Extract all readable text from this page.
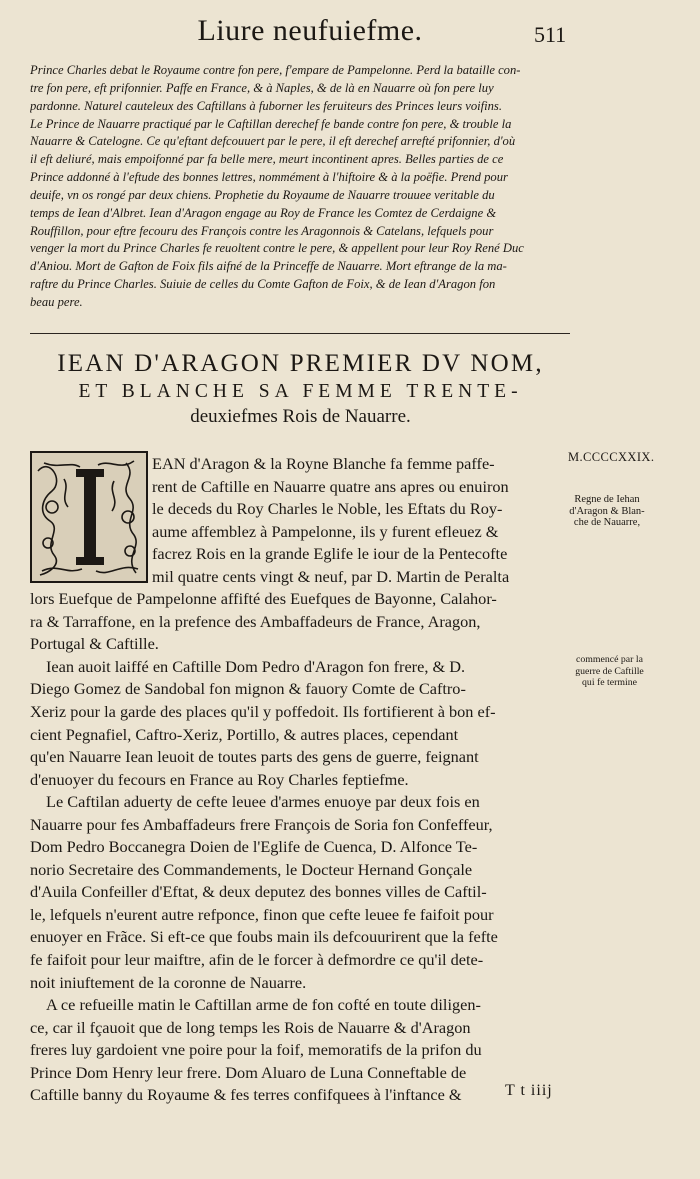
Liure neufuiefme.	511
Prince Charles debat le Royaume contre fon pere, f'empare de Pampelonne. Perd la bataille con-
tre fon pere, eft prifonnier. Paffe en France, & à Naples, & de là en Nauarre où fon pere luy
pardonne. Naturel cauteleux des Caftillans à fuborner les feruiteurs des Princes leurs voifins.
Le Prince de Nauarre practiqué par le Caftillan derechef fe bande contre fon pere, & trouble la
Nauarre & Catelogne. Ce qu'eftant defcouuert par le pere, il eft derechef arrefté prifonnier, d'où
il eft deliuré, mais empoifonné par fa belle mere, meurt incontinent apres. Belles parties de ce
Prince addonné à l'eftude des bonnes lettres, nommément à l'hiftoire & à la poëfie. Prend pour
deuife, vn os rongé par deux chiens. Prophetie du Royaume de Nauarre trouuee veritable du
temps de Iean d'Albret. Iean d'Aragon engage au Roy de France les Comtez de Cerdaigne &
Rouffillon, pour eftre fecouru des François contre les Aragonnois & Catelans, lefquels pour
venger la mort du Prince Charles fe reuoltent contre le pere, & appellent pour leur Roy René Duc
d'Aniou. Mort de Gafton de Foix fils aifné de la Princeffe de Nauarre. Mort eftrange de la ma-
raftre du Prince Charles. Suiuie de celles du Comte Gafton de Foix, & de Iean d'Aragon fon
beau pere.
IEAN D'ARAGON PREMIER DV NOM,
ET BLANCHE SA FEMME TRENTE-
deuxiefmes Rois de Nauarre.
EAN d'Aragon & la Royne Blanche fa femme paffe-
rent de Caftille en Nauarre quatre ans apres ou enuiron
le deceds du Roy Charles le Noble, les Eftats du Roy-
aume affemblez à Pampelonne, ils y furent efleuez &
facrez Rois en la grande Eglife le iour de la Pentecofte
mil quatre cents vingt & neuf, par D. Martin de Peralta
lors Euefque de Pampelonne affifté des Euefques de Bayonne, Calahor-
ra & Tarraffone, en la prefence des Ambaffadeurs de France, Aragon,
Portugal & Caftille.
Iean auoit laiffé en Caftille Dom Pedro d'Aragon fon frere, & D.
Diego Gomez de Sandobal fon mignon & fauory Comte de Caftro-
Xeriz pour la garde des places qu'il y poffedoit. Ils fortifierent à bon ef-
cient Pegnafiel, Caftro-Xeriz, Portillo, & autres places, cependant
qu'en Nauarre Iean leuoit de toutes parts des gens de guerre, feignant
d'enuoyer du fecours en France au Roy Charles feptiefme.
Le Caftilan aduerty de cefte leuee d'armes enuoye par deux fois en
Nauarre pour fes Ambaffadeurs frere François de Soria fon Confeffeur,
Dom Pedro Boccanegra Doien de l'Eglife de Cuenca, D. Alfonce Te-
norio Secretaire des Commandements, le Docteur Hernand Gonçale
d'Auila Confeiller d'Eftat, & deux deputez des bonnes villes de Caftil-
le, lefquels n'eurent autre refponce, finon que cefte leuee fe faifoit pour
enuoyer en Frãce. Si eft-ce que foubs main ils defcouurirent que la fefte
fe faifoit pour leur maiftre, afin de le forcer à defmordre ce qu'il dete-
noit iniuftement de la coronne de Nauarre.
A ce refueille matin le Caftillan arme de fon cofté en toute diligen-
ce, car il fçauoit que de long temps les Rois de Nauarre & d'Aragon
freres luy gardoient vne poire pour la foif, memoratifs de la prifon du
Prince Dom Henry leur frere. Dom Aluaro de Luna Conneftable de
Caftille banny du Royaume & fes terres confifquees à l'inftance &
M.CCCCXXIX.
Regne de Iehan
d'Aragon & Blan-
che de Nauarre,
commencé par la
guerre de Caftille
qui fe termine
T t iiij
